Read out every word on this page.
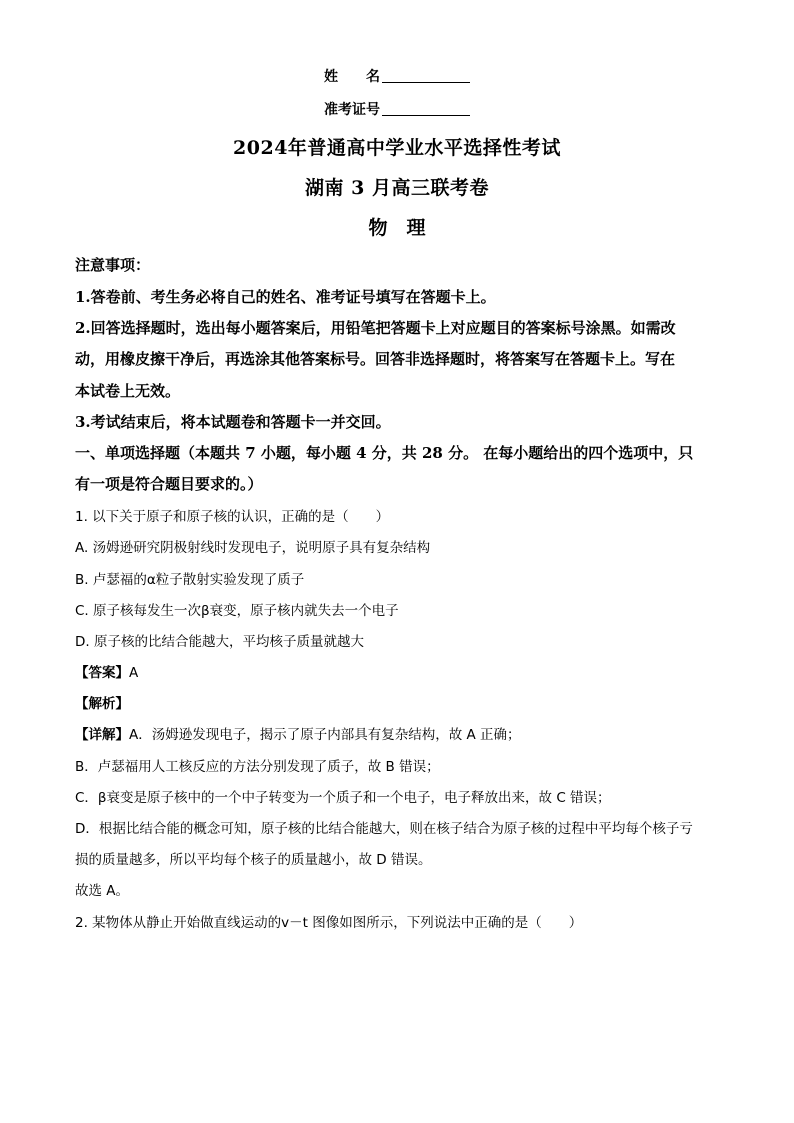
姓　　名
准考证号
2024年普通高中学业水平选择性考试
湖南 3 月高三联考卷
物　理
注意事项：
1.答卷前、考生务必将自己的姓名、准考证号填写在答题卡上。
2.回答选择题时，选出每小题答案后，用铅笔把答题卡上对应题目的答案标号涂黑。如需改
动，用橡皮擦干净后，再选涂其他答案标号。回答非选择题时，将答案写在答题卡上。写在
本试卷上无效。
3.考试结束后，将本试题卷和答题卡一并交回。
一、单项选择题（本题共 7 小题，每小题 4 分，共 28 分。 在每小题给出的四个选项中，只
有一项是符合题目要求的。）
1. 以下关于原子和原子核的认识，正确的是（　　）
A. 汤姆逊研究阴极射线时发现电子，说明原子具有复杂结构
B. 卢瑟福的α粒子散射实验发现了质子
C. 原子核每发生一次β衰变，原子核内就失去一个电子
D. 原子核的比结合能越大，平均核子质量就越大
【答案】A
【解析】
【详解】A．汤姆逊发现电子，揭示了原子内部具有复杂结构，故 A 正确；
B．卢瑟福用人工核反应的方法分别发现了质子，故 B 错误；
C．β衰变是原子核中的一个中子转变为一个质子和一个电子，电子释放出来，故 C 错误；
D．根据比结合能的概念可知，原子核的比结合能越大，则在核子结合为原子核的过程中平均每个核子亏
损的质量越多，所以平均每个核子的质量越小，故 D 错误。
故选 A。
2. 某物体从静止开始做直线运动的v－t 图像如图所示，下列说法中正确的是（　　）
